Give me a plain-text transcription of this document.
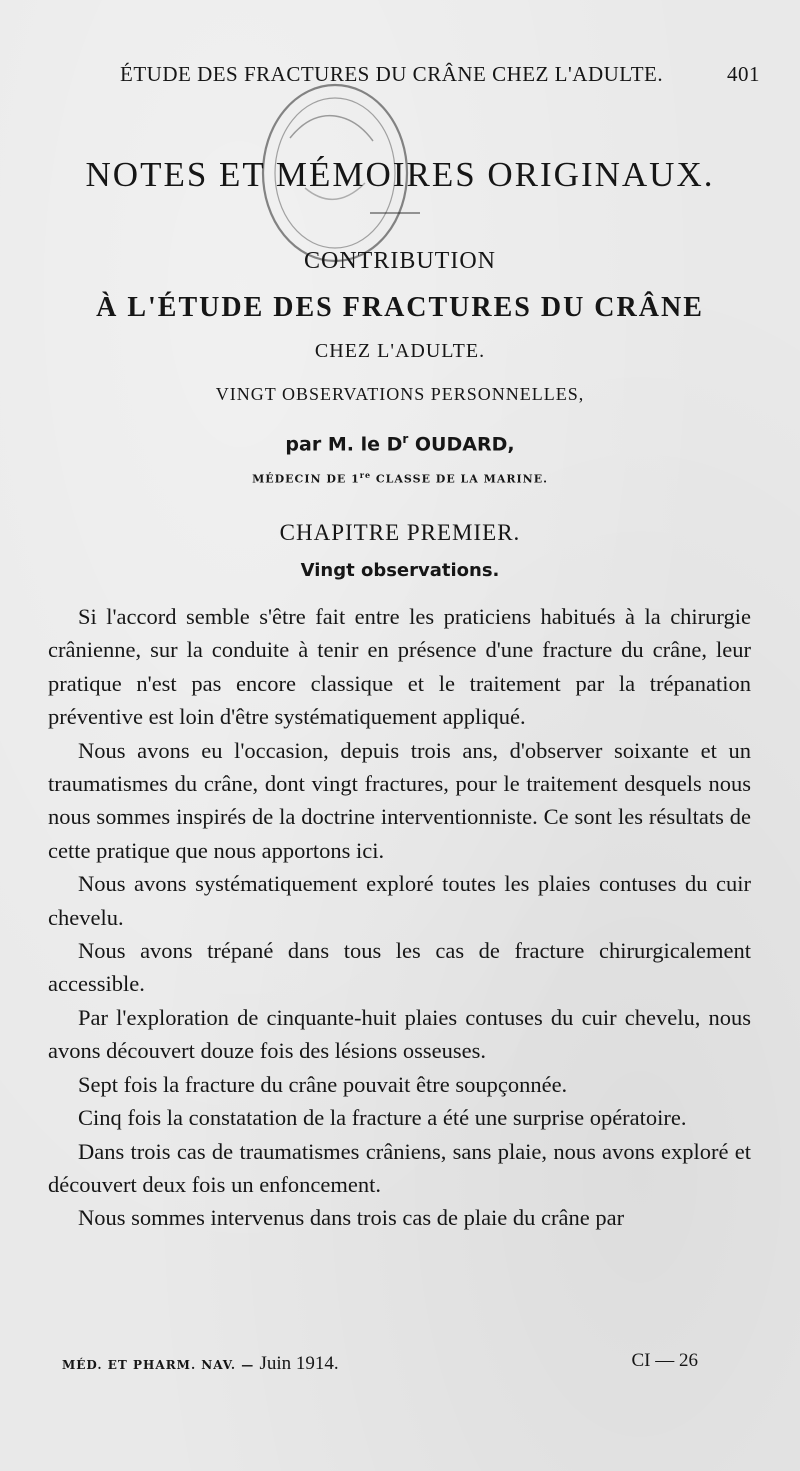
ÉTUDE DES FRACTURES DU CRÂNE CHEZ L'ADULTE.	401
NOTES ET MÉMOIRES ORIGINAUX.
CONTRIBUTION
À L'ÉTUDE DES FRACTURES DU CRÂNE
CHEZ L'ADULTE.
VINGT OBSERVATIONS PERSONNELLES,
par M. le $D^r$ OUDARD,
MÉDECIN DE 1re CLASSE DE LA MARINE.
CHAPITRE PREMIER.
Vingt observations.

Si l'accord semble s'être fait entre les praticiens habitués à la chirurgie crânienne, sur la conduite à tenir en présence d'une fracture du crâne, leur pratique n'est pas encore classique et le traitement par la trépanation préventive est loin d'être systématiquement appliqué.

Nous avons eu l'occasion, depuis trois ans, d'observer soixante et un traumatismes du crâne, dont vingt fractures, pour le traitement desquels nous nous sommes inspirés de la doctrine interventionniste. Ce sont les résultats de cette pratique que nous apportons ici.

Nous avons systématiquement exploré toutes les plaies contuses du cuir chevelu.

Nous avons trépané dans tous les cas de fracture chirurgicalement accessible.

Par l'exploration de cinquante-huit plaies contuses du cuir chevelu, nous avons découvert douze fois des lésions osseuses.

Sept fois la fracture du crâne pouvait être soupçonnée.

Cinq fois la constatation de la fracture a été une surprise opératoire.

Dans trois cas de traumatismes crâniens, sans plaie, nous avons exploré et découvert deux fois un enfoncement.

Nous sommes intervenus dans trois cas de plaie du crâne par

MÉD. ET PHARM. NAV. — Juin 1914.	CI — 26
